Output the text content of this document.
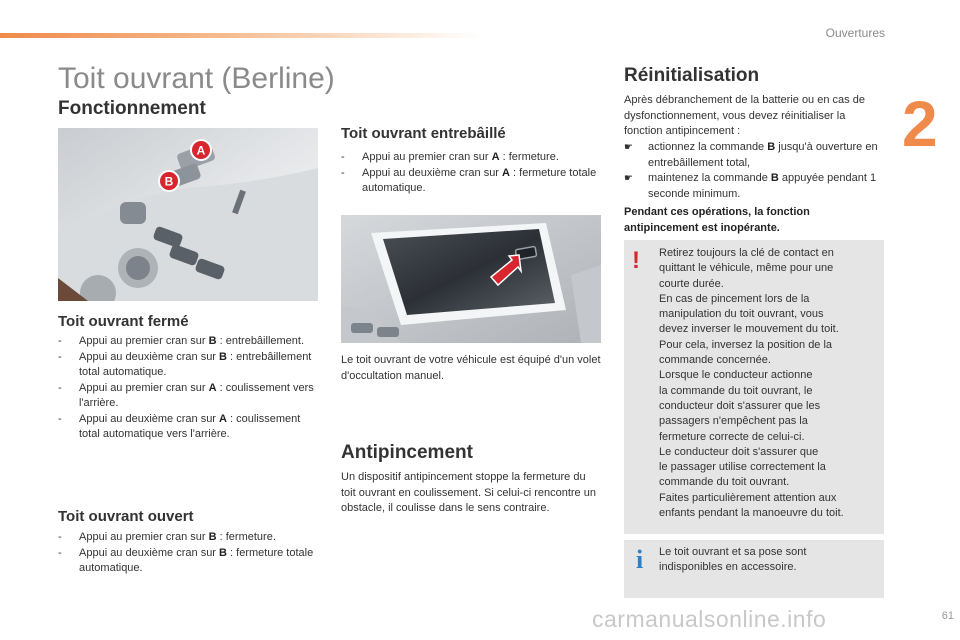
Ouvertures
2
Toit ouvrant (Berline)
Fonctionnement
A
B
Toit ouvrant fermé
- Appui au premier cran sur B : entrebâillement.
- Appui au deuxième cran sur B : entrebâillement total automatique.
- Appui au premier cran sur A : coulissement vers l'arrière.
- Appui au deuxième cran sur A : coulissement total automatique vers l'arrière.
Toit ouvrant ouvert
- Appui au premier cran sur B : fermeture.
- Appui au deuxième cran sur B : fermeture totale automatique.
Toit ouvrant entrebâillé
- Appui au premier cran sur A : fermeture.
- Appui au deuxième cran sur A : fermeture totale automatique.

Le toit ouvrant de votre véhicule est équipé d'un volet d'occultation manuel.

Antipincement

Un dispositif antipincement stoppe la fermeture du toit ouvrant en coulissement. Si celui-ci rencontre un obstacle, il coulisse dans le sens contraire.

Réinitialisation

Après débranchement de la batterie ou en cas de dysfonctionnement, vous devez réinitialiser la fonction antipincement :

☛ actionnez la commande B jusqu'à ouverture en entrebâillement total,
☛ maintenez la commande B appuyée pendant 1 seconde minimum.

Pendant ces opérations, la fonction antipincement est inopérante.

! Retirez toujours la clé de contact en
quittant le véhicule, même pour une
courte durée.
En cas de pincement lors de la
manipulation du toit ouvrant, vous
devez inverser le mouvement du toit.
Pour cela, inversez la position de la
commande concernée.
Lorsque le conducteur actionne
la commande du toit ouvrant, le
conducteur doit s'assurer que les
passagers n'empêchent pas la
fermeture correcte de celui-ci.
Le conducteur doit s'assurer que
le passager utilise correctement la
commande du toit ouvrant.
Faites particulièrement attention aux
enfants pendant la manoeuvre du toit.
i Le toit ouvrant et sa pose sont
indisponibles en accessoire.
carmanualsonline.info	61
